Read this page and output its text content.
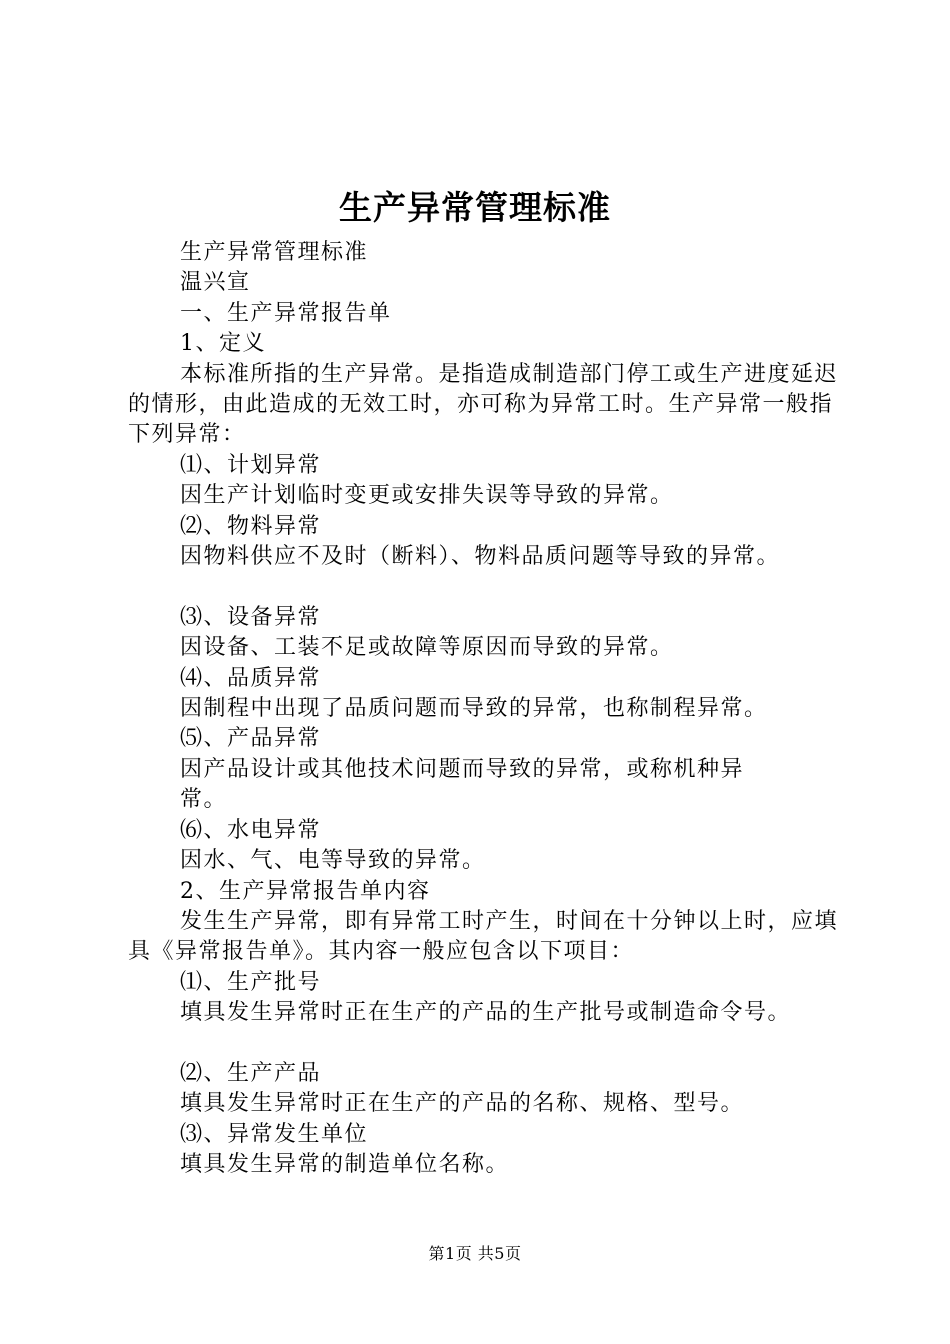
生产异常管理标准

生产异常管理标准

温兴宣

一、生产异常报告单

1、定义

本标准所指的生产异常。是指造成制造部门停工或生产进度延迟的情形，由此造成的无效工时，亦可称为异常工时。生产异常一般指下列异常：

⑴、计划异常

因生产计划临时变更或安排失误等导致的异常。

⑵、物料异常

因物料供应不及时（断料）、物料品质问题等导致的异常。

⑶、设备异常

因设备、工装不足或故障等原因而导致的异常。

⑷、品质异常

因制程中出现了品质问题而导致的异常，也称制程异常。

⑸、产品异常

因产品设计或其他技术问题而导致的异常，或称机种异

常。

⑹、水电异常

因水、气、电等导致的异常。

2、生产异常报告单内容

发生生产异常，即有异常工时产生，时间在十分钟以上时，应填具《异常报告单》。其内容一般应包含以下项目：

⑴、生产批号

填具发生异常时正在生产的产品的生产批号或制造命令号。

⑵、生产产品

填具发生异常时正在生产的产品的名称、规格、型号。

⑶、异常发生单位

填具发生异常的制造单位名称。

第1页 共5页
